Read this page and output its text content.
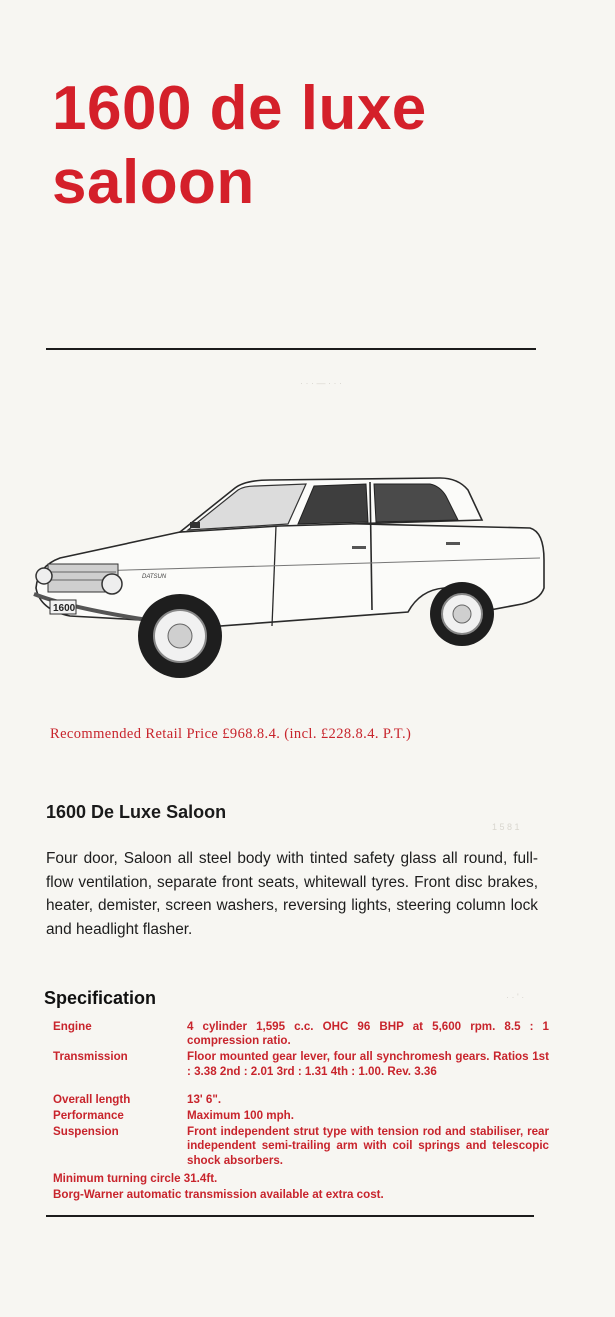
1600 de luxe
saloon
· · · — · · ·
1600
DATSUN
Recommended Retail Price £968.8.4. (incl. £228.8.4. P.T.)
1600 De Luxe Saloon
1 5 8 1

Four door, Saloon all steel body with tinted safety glass all round, full-flow ventilation, separate front seats, whitewall tyres. Front disc brakes, heater, demister, screen washers, reversing lights, steering column lock and headlight flasher.

Specification	· · ' ·
Engine	4 cylinder 1,595 c.c. OHC 96 BHP at 5,600 rpm. 8.5 : 1 compression ratio.
Transmission	Floor mounted gear lever, four all synchromesh gears. Ratios 1st : 3.38 2nd : 2.01 3rd : 1.31 4th : 1.00. Rev. 3.36
Overall length	13' 6".
Performance	Maximum 100 mph.
Suspension	Front independent strut type with tension rod and stabiliser, rear independent semi-trailing arm with coil springs and telescopic shock absorbers.
Minimum turning circle 31.4ft.
Borg-Warner automatic transmission available at extra cost.
